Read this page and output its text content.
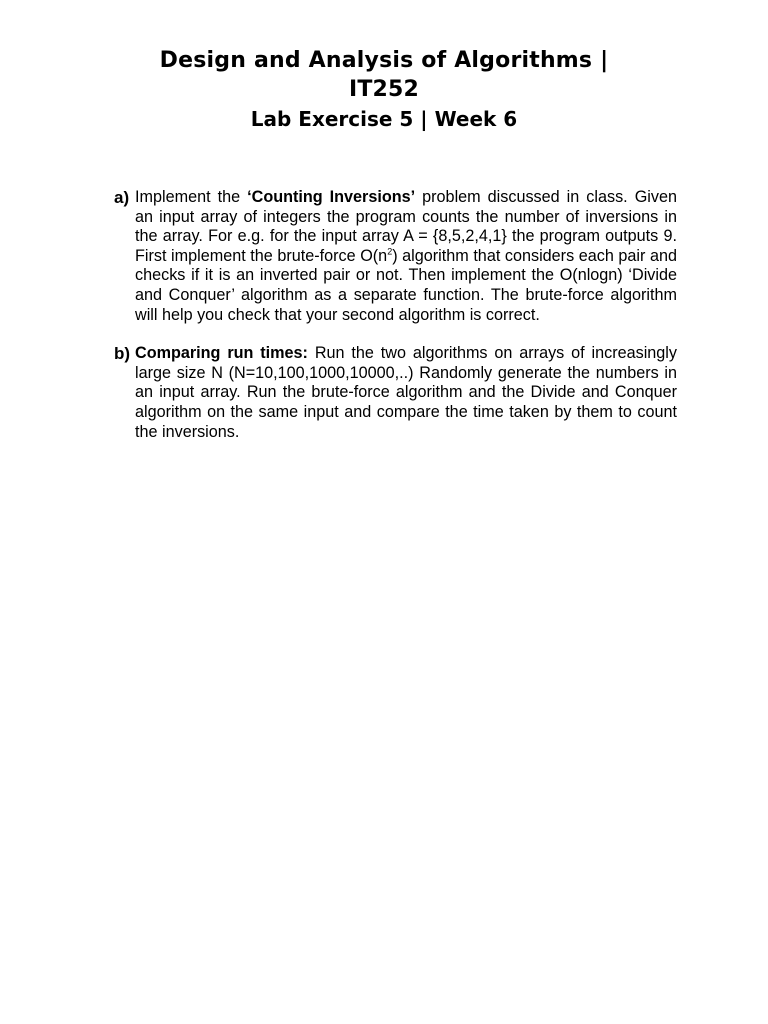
Design and Analysis of Algorithms |
IT252
Lab Exercise 5 | Week 6
a) Implement the ‘Counting Inversions’ problem discussed in class. Given an input array of integers the program counts the number of inversions in the array. For e.g. for the input array A = {8,5,2,4,1} the program outputs 9. First implement the brute-force $O(n^2)$ algorithm that considers each pair and checks if it is an inverted pair or not. Then implement the O(nlogn) ‘Divide and Conquer’ algorithm as a separate function. The brute-force algorithm will help you check that your second algorithm is correct.
b) Comparing run times: Run the two algorithms on arrays of increasingly large size N (N=10,100,1000,10000,..) Randomly generate the numbers in an input array. Run the brute-force algorithm and the Divide and Conquer algorithm on the same input and compare the time taken by them to count the inversions.
